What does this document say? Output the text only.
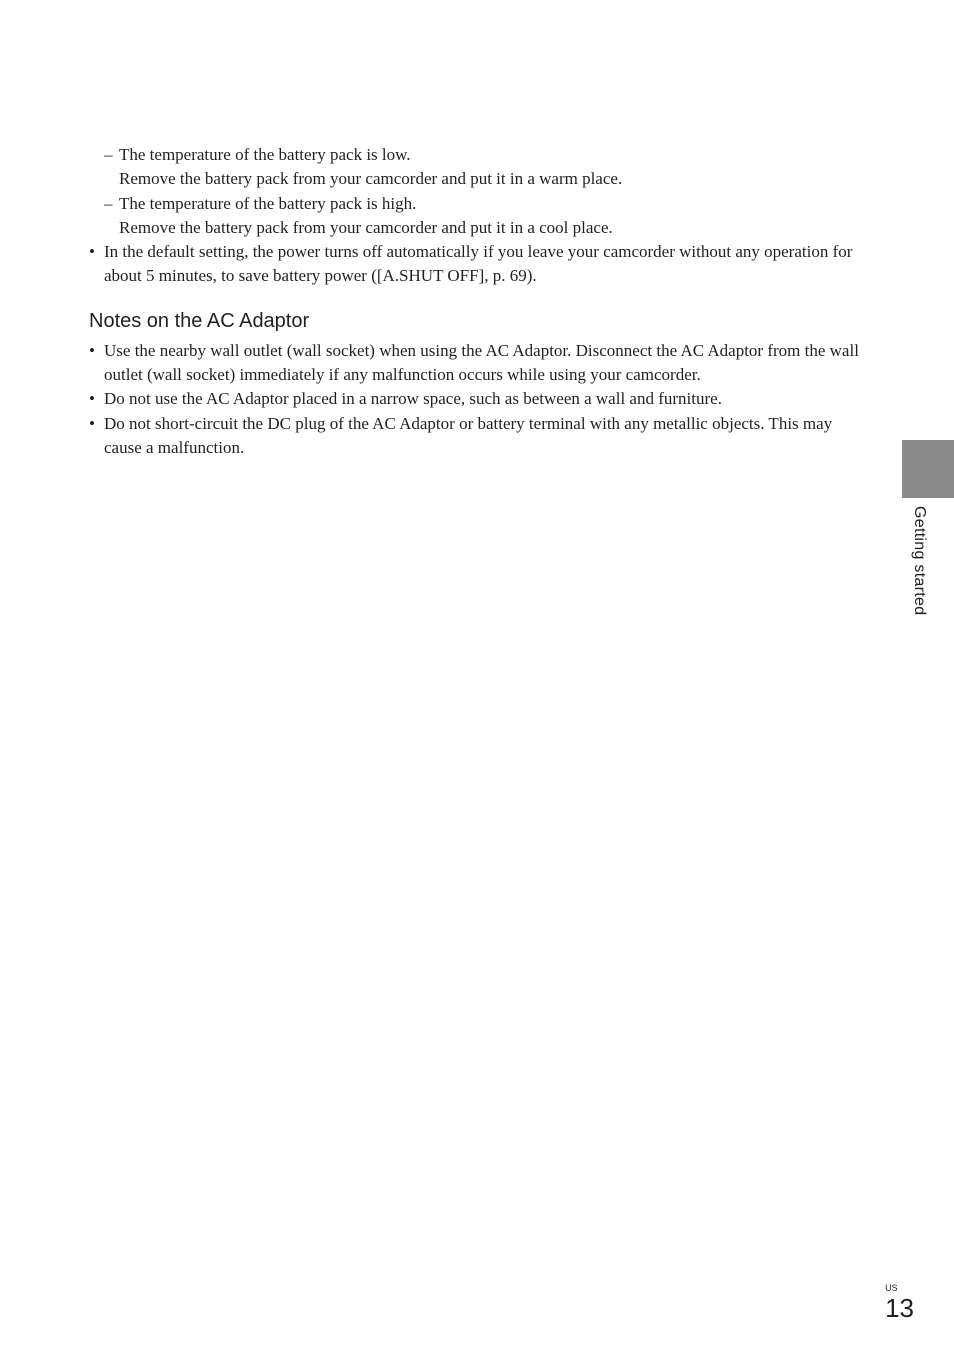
– The temperature of the battery pack is low.
Remove the battery pack from your camcorder and put it in a warm place.
– The temperature of the battery pack is high.
Remove the battery pack from your camcorder and put it in a cool place.
• In the default setting, the power turns off automatically if you leave your camcorder without any operation for about 5 minutes, to save battery power ([A.SHUT OFF], p. 69).
Notes on the AC Adaptor
• Use the nearby wall outlet (wall socket) when using the AC Adaptor. Disconnect the AC Adaptor from the wall outlet (wall socket) immediately if any malfunction occurs while using your camcorder.
• Do not use the AC Adaptor placed in a narrow space, such as between a wall and furniture.
• Do not short-circuit the DC plug of the AC Adaptor or battery terminal with any metallic objects. This may cause a malfunction.
Getting started
US
13
